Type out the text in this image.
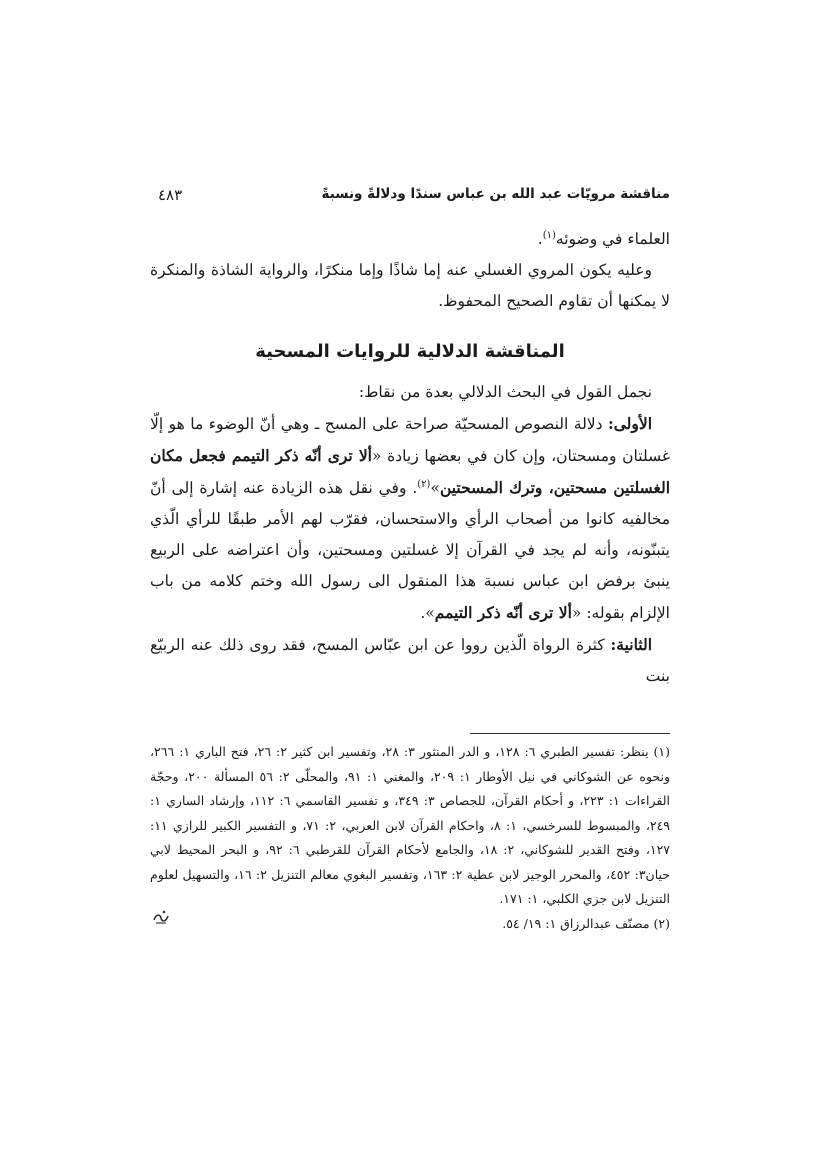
مناقشة مرويّات عبد الله بن عباس سندًا ودلالةً ونسبةً
٤٨٣

العلماء في وضوئه$^{(١)}$.

وعليه يكون المروي الغسلي عنه إما شاذًا وإما منكرًا، والرواية الشاذة والمنكرة لا يمكنها أن تقاوم الصحيح المحفوظ.

المناقشة الدلالية للروايات المسحية

نجمل القول في البحث الدلالي بعدة من نقاط:

الأولى: دلالة النصوص المسحيّة صراحة على المسح ـ وهي أنّ الوضوء ما هو إلّا غسلتان ومسحتان، وإن كان في بعضها زيادة «ألا ترى أنّه ذكر التيمم فجعل مكان الغسلتين مسحتين، وترك المسحتين»$^{(٢)}$. وفي نقل هذه الزيادة عنه إشارة إلى أنّ مخالفيه كانوا من أصحاب الرأي والاستحسان، فقرّب لهم الأمر طبقًا للرأي الّذي يتبنّونه، وأنه لم يجد في القرآن إلا غسلتين ومسحتين، وأن اعتراضه على الربيع ينبئ برفض ابن عباس نسبة هذا المنقول الى رسول الله وختم كلامه من باب الإلزام بقوله: «ألا ترى أنّه ذكر التيمم».

الثانية: كثرة الرواة الّذين رووا عن ابن عبّاس المسح، فقد روى ذلك عنه الربيّع بنت

(١) ينظر: تفسير الطبري ٦: ١٢٨، و الدر المنثور ٣: ٢٨، وتفسير ابن كثير ٢: ٢٦، فتح الباري ١: ٢٦٦، ونحوه عن الشوكاني في نيل الأوطار ١: ٢٠٩، والمغني ١: ٩١، والمحلّى ٢: ٥٦ المسألة ٢٠٠، وحجّة القراءات ١: ٢٢٣، و أحكام القرآن، للجصاص ٣: ٣٤٩، و تفسير القاسمي ٦: ١١٢، وإرشاد الساري ١: ٢٤٩، والمبسوط للسرخسي، ١: ٨، واحكام القرآن لابن العربي، ٢: ٧١، و التفسير الكبير للرازي ١١: ١٢٧، وفتح القدير للشوكاني، ٢: ١٨، والجامع لأحكام القرآن للقرطبي ٦: ٩٢، و البحر المحيط لابي حيان٣: ٤٥٢، والمحرر الوجيز لابن عطية ٢: ١٦٣، وتفسير البغوي معالم التنزيل ٢: ١٦، والتسهيل لعلوم التنزيل لابن جزي الكلبي، ١: ١٧١.

(٢) مصنّف عبدالرزاق ١: ١٩/ ٥٤.
